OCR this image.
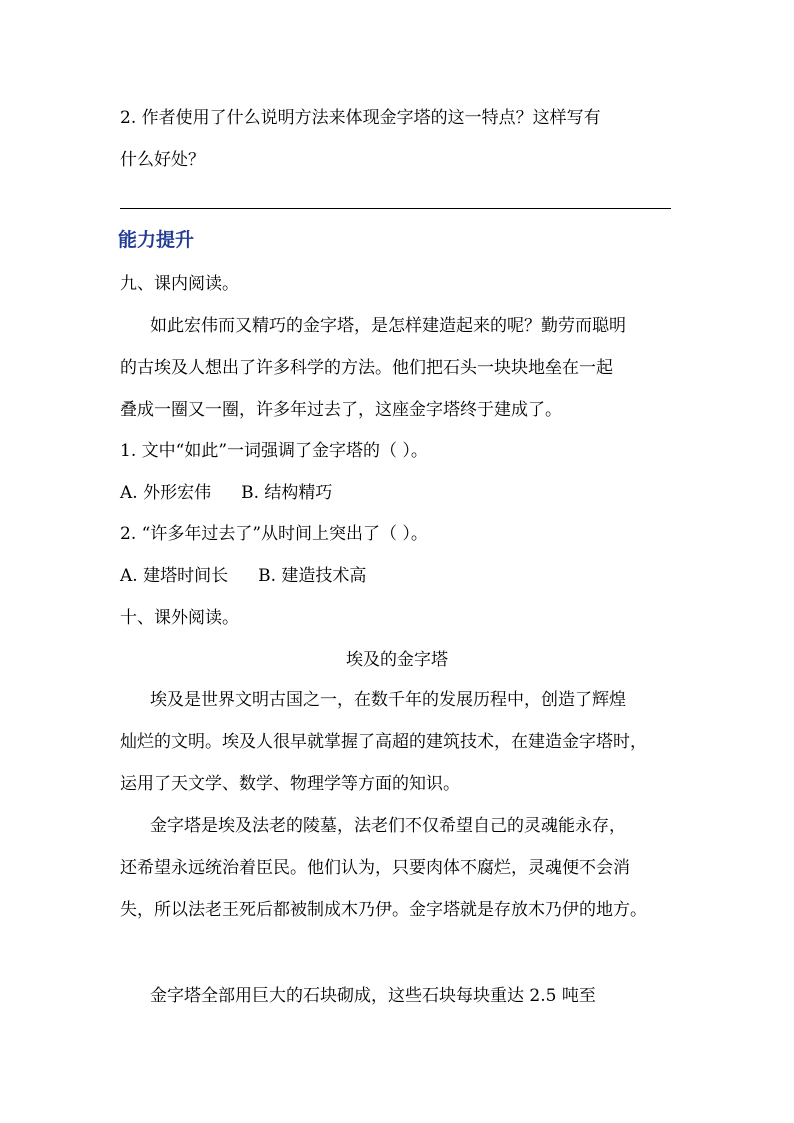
2. 作者使用了什么说明方法来体现金字塔的这一特点？这样写有
什么好处？
能力提升
九、课内阅读。
如此宏伟而又精巧的金字塔，是怎样建造起来的呢？勤劳而聪明
的古埃及人想出了许多科学的方法。他们把石头一块块地垒在一起
叠成一圈又一圈，许多年过去了，这座金字塔终于建成了。
1. 文中“如此”一词强调了金字塔的（ ）。
A. 外形宏伟 B. 结构精巧
2. “许多年过去了”从时间上突出了（ ）。
A. 建塔时间长 B. 建造技术高
十、课外阅读。
埃及的金字塔
埃及是世界文明古国之一，在数千年的发展历程中，创造了辉煌
灿烂的文明。埃及人很早就掌握了高超的建筑技术，在建造金字塔时，
运用了天文学、数学、物理学等方面的知识。
金字塔是埃及法老的陵墓，法老们不仅希望自己的灵魂能永存，
还希望永远统治着臣民。他们认为，只要肉体不腐烂，灵魂便不会消
失，所以法老王死后都被制成木乃伊。金字塔就是存放木乃伊的地方。
金字塔全部用巨大的石块砌成，这些石块每块重达 2.5 吨至
